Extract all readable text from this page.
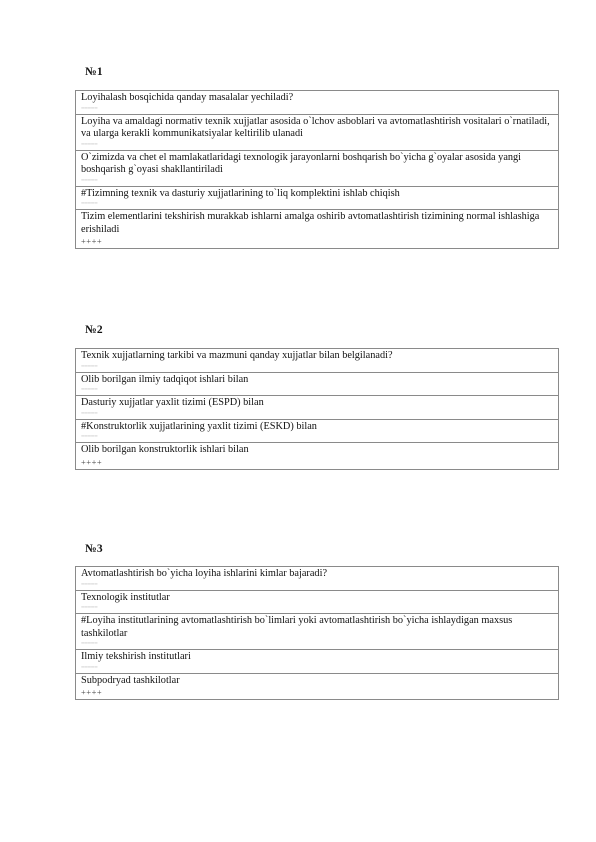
№1
Loyihalash bosqichida qanday masalalar yechiladi?
=====
Loyiha va amaldagi normativ texnik xujjatlar asosida o`lchov asboblari va avtomatlashtirish vositalari o`rnatiladi, va ularga kerakli kommunikatsiyalar keltirilib ulanadi
=====
O`zimizda va chet el mamlakatlaridagi texnologik jarayonlarni boshqarish bo`yicha g`oyalar asosida yangi boshqarish g`oyasi shakllantiriladi
=====
#Tizimning texnik va dasturiy xujjatlarining to`liq komplektini ishlab chiqish
=====
Tizim elementlarini tekshirish murakkab ishlarni amalga oshirib avtomatlashtirish tizimining normal ishlashiga erishiladi
++++
№2
Texnik xujjatlarning tarkibi va mazmuni qanday xujjatlar bilan belgilanadi?
=====
Olib borilgan ilmiy tadqiqot ishlari bilan
=====
Dasturiy xujjatlar yaxlit tizimi (ESPD) bilan
=====
#Konstruktorlik xujjatlarining yaxlit tizimi (ESKD) bilan
=====
Olib borilgan konstruktorlik ishlari bilan
++++
№3
Avtomatlashtirish bo`yicha loyiha ishlarini kimlar bajaradi?
=====
Texnologik institutlar
=====
#Loyiha institutlarining avtomatlashtirish bo`limlari yoki avtomatlashtirish bo`yicha ishlaydigan maxsus tashkilotlar
=====
Ilmiy tekshirish institutlari
=====
Subpodryad tashkilotlar
++++
